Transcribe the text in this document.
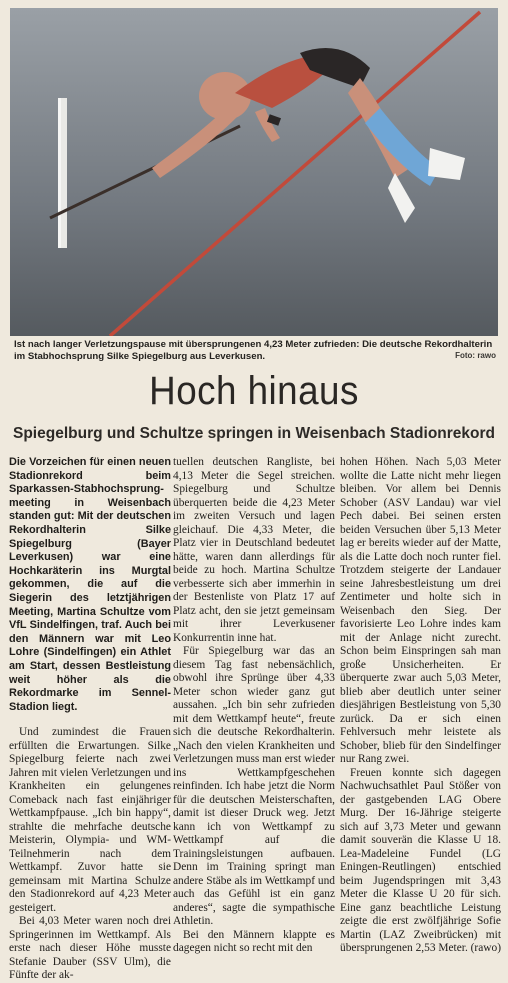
Ist nach langer Verletzungspause mit übersprungenen 4,23 Meter zufrieden: Die deutsche Rekordhalterin im Stabhochsprung Silke Spiegelburg aus Leverkusen.	Foto: rawo
Hoch hinaus
Spiegelburg und Schultze springen in Weisenbach Stadionrekord

Die Vorzeichen für einen neuen Stadionrekord beim Sparkassen-Stabhochsprung-meeting in Weisenbach standen gut: Mit der deutschen Rekordhalterin Silke Spiegelburg (Bayer Leverkusen) war eine Hochkaräterin ins Murgtal gekommen, die auf die Siegerin des letztjährigen Meeting, Martina Schultze vom VfL Sindelfingen, traf. Auch bei den Männern war mit Leo Lohre (Sindelfingen) ein Athlet am Start, dessen Bestleistung weit höher als die Rekordmarke im Sennel-Stadion liegt.

Und zumindest die Frauen erfüllten die Erwartungen. Silke Spiegelburg feierte nach zwei Jahren mit vielen Verletzungen und Krankheiten ein gelungenes Comeback nach fast einjähriger Wettkampfpause. „Ich bin happy“, strahlte die mehrfache deutsche Meisterin, Olympia- und WM-Teilnehmerin nach dem Wettkampf. Zuvor hatte sie gemeinsam mit Martina Schulze den Stadionrekord auf 4,23 Meter gesteigert.

Bei 4,03 Meter waren noch drei Springerinnen im Wettkampf. Als erste nach dieser Höhe musste Stefanie Dauber (SSV Ulm), die Fünfte der ak-

tuellen deutschen Rangliste, bei 4,13 Meter die Segel streichen. Spiegelburg und Schultze überquerten beide die 4,23 Meter im zweiten Versuch und lagen gleichauf. Die 4,33 Meter, die Platz vier in Deutschland bedeutet hätte, waren dann allerdings für beide zu hoch. Martina Schultze verbesserte sich aber immerhin in der Bestenliste von Platz 17 auf Platz acht, den sie jetzt gemeinsam mit ihrer Leverkusener Konkurrentin inne hat.

Für Spiegelburg war das an diesem Tag fast nebensächlich, obwohl ihre Sprünge über 4,33 Meter schon wieder ganz gut aussahen. „Ich bin sehr zufrieden mit dem Wettkampf heute“, freute sich die deutsche Rekordhalterin. „Nach den vielen Krankheiten und Verletzungen muss man erst wieder ins Wettkampfgeschehen reinfinden. Ich habe jetzt die Norm für die deutschen Meisterschaften, damit ist dieser Druck weg. Jetzt kann ich von Wettkampf zu Wettkampf auf die Trainingsleistungen aufbauen. Denn im Training springt man andere Stäbe als im Wettkampf und auch das Gefühl ist ein ganz anderes“, sagte die sympathische Athletin.

Bei den Männern klappte es dagegen nicht so recht mit den

hohen Höhen. Nach 5,03 Meter wollte die Latte nicht mehr liegen bleiben. Vor allem bei Dennis Schober (ASV Landau) war viel Pech dabei. Bei seinen ersten beiden Versuchen über 5,13 Meter lag er bereits wieder auf der Matte, als die Latte doch noch runter fiel. Trotzdem steigerte der Landauer seine Jahresbestleistung um drei Zentimeter und holte sich in Weisenbach den Sieg. Der favorisierte Leo Lohre indes kam mit der Anlage nicht zurecht. Schon beim Einspringen sah man große Unsicherheiten. Er überquerte zwar auch 5,03 Meter, blieb aber deutlich unter seiner diesjährigen Bestleistung von 5,30 zurück. Da er sich einen Fehlversuch mehr leistete als Schober, blieb für den Sindelfinger nur Rang zwei.

Freuen konnte sich dagegen Nachwuchsathlet Paul Stößer von der gastgebenden LAG Obere Murg. Der 16-Jährige steigerte sich auf 3,73 Meter und gewann damit souverän die Klasse U 18. Lea-Madeleine Fundel (LG Eningen-Reutlingen) entschied beim Jugendspringen mit 3,43 Meter die Klasse U 20 für sich. Eine ganz beachtliche Leistung zeigte die erst zwölfjährige Sofie Martin (LAZ Zweibrücken) mit übersprungenen 2,53 Meter. (rawo)
